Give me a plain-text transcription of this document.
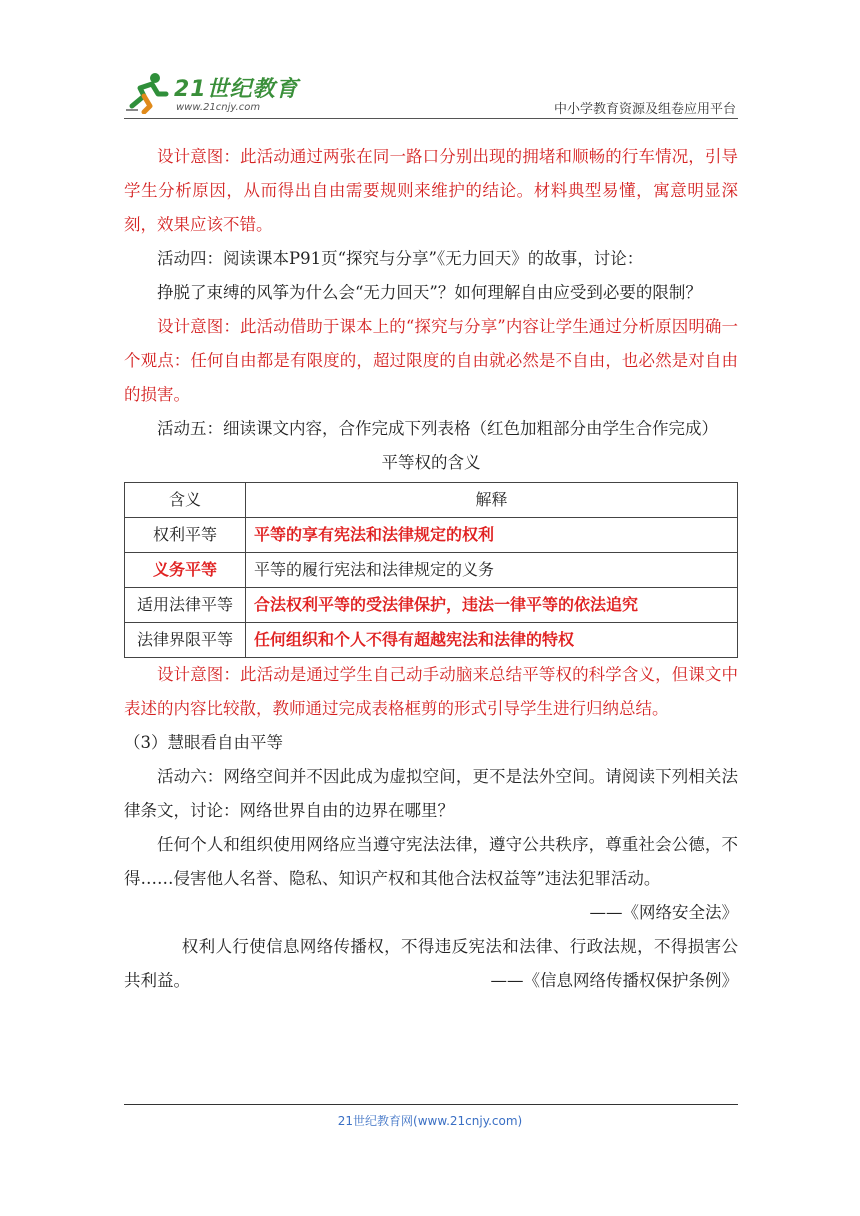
21世纪教育
www.21cnjy.com	中小学教育资源及组卷应用平台

设计意图：此活动通过两张在同一路口分别出现的拥堵和顺畅的行车情况，引导学生分析原因，从而得出自由需要规则来维护的结论。材料典型易懂，寓意明显深刻，效果应该不错。

活动四：阅读课本P91页“探究与分享”《无力回天》的故事，讨论：

挣脱了束缚的风筝为什么会“无力回天”？如何理解自由应受到必要的限制？

设计意图：此活动借助于课本上的“探究与分享”内容让学生通过分析原因明确一个观点：任何自由都是有限度的，超过限度的自由就必然是不自由，也必然是对自由的损害。

活动五：细读课文内容，合作完成下列表格（红色加粗部分由学生合作完成）

平等权的含义

含义	解释
权利平等	平等的享有宪法和法律规定的权利
义务平等	平等的履行宪法和法律规定的义务
适用法律平等	合法权利平等的受法律保护，违法一律平等的依法追究
法律界限平等	任何组织和个人不得有超越宪法和法律的特权

设计意图：此活动是通过学生自己动手动脑来总结平等权的科学含义，但课文中表述的内容比较散，教师通过完成表格框剪的形式引导学生进行归纳总结。

（3）慧眼看自由平等

活动六：网络空间并不因此成为虚拟空间，更不是法外空间。请阅读下列相关法律条文，讨论：网络世界自由的边界在哪里？

任何个人和组织使用网络应当遵守宪法法律，遵守公共秩序，尊重社会公德，不得……侵害他人名誉、隐私、知识产权和其他合法权益等”违法犯罪活动。

——《网络安全法》

权利人行使信息网络传播权，不得违反宪法和法律、行政法规，不得损害公共利益。	——《信息网络传播权保护条例》

21世纪教育网(www.21cnjy.com)
